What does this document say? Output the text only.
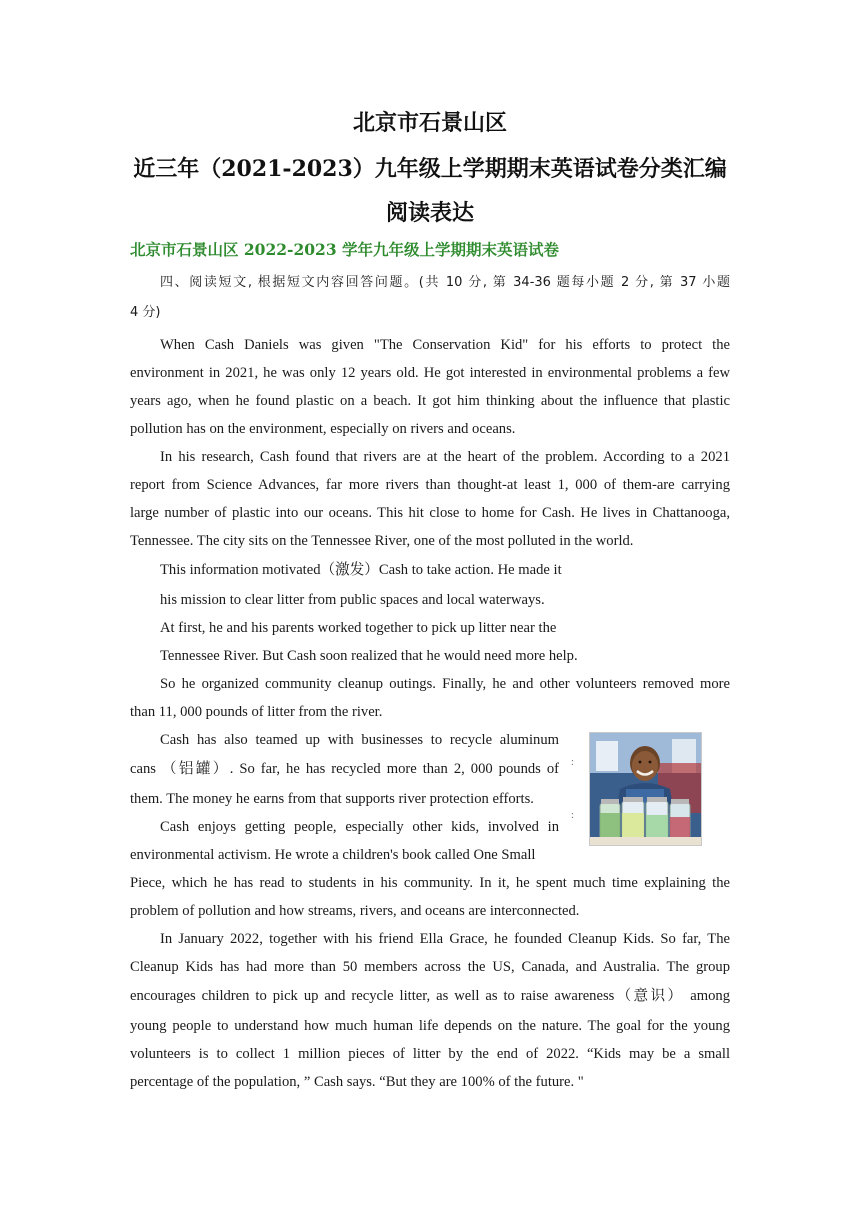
北京市石景山区
近三年（2021-2023）九年级上学期期末英语试卷分类汇编
阅读表达
北京市石景山区 2022-2023 学年九年级上学期期末英语试卷
四、阅读短文, 根据短文内容回答问题。(共 10 分, 第 34-36 题每小题 2 分, 第 37 小题
4 分)
When Cash Daniels was given "The Conservation Kid" for his efforts to protect the
environment in 2021, he was only 12 years old. He got interested in environmental problems a few
years ago, when he found plastic on a beach. It got him thinking about the influence that plastic
pollution has on the environment, especially on rivers and oceans.
In his research, Cash found that rivers are at the heart of the problem. According to a 2021
report from Science Advances, far more rivers than thought-at least 1, 000 of them-are carrying
large number of plastic into our oceans. This hit close to home for Cash. He lives in Chattanooga,
Tennessee. The city sits on the Tennessee River, one of the most polluted in the world.
This information motivated（激发）Cash to take action. He made it
his mission to clear litter from public spaces and local waterways.
At first, he and his parents worked together to pick up litter near the
Tennessee River. But Cash soon realized that he would need more help.
So he organized community cleanup outings. Finally, he and other volunteers removed more
than 11, 000 pounds of litter from the river.
Cash has also teamed up with businesses to recycle aluminum
cans （铝罐）. So far, he has recycled more than 2, 000 pounds of
them. The money he earns from that supports river protection efforts.
Cash enjoys getting people, especially other kids, involved in
environmental activism. He wrote a children's book called One Small
Piece, which he has read to students in his community. In it, he spent much time explaining the
problem of pollution and how streams, rivers, and oceans are interconnected.
In January 2022, together with his friend Ella Grace, he founded Cleanup Kids. So far, The
Cleanup Kids has had more than 50 members across the US, Canada, and Australia. The group
encourages children to pick up and recycle litter, as well as to raise awareness（意识） among
young people to understand how much human life depends on the nature. The goal for the young
volunteers is to collect 1 million pieces of litter by the end of 2022. “Kids may be a small
percentage of the population, ” Cash says. “But they are 100% of the future. "
:
:
